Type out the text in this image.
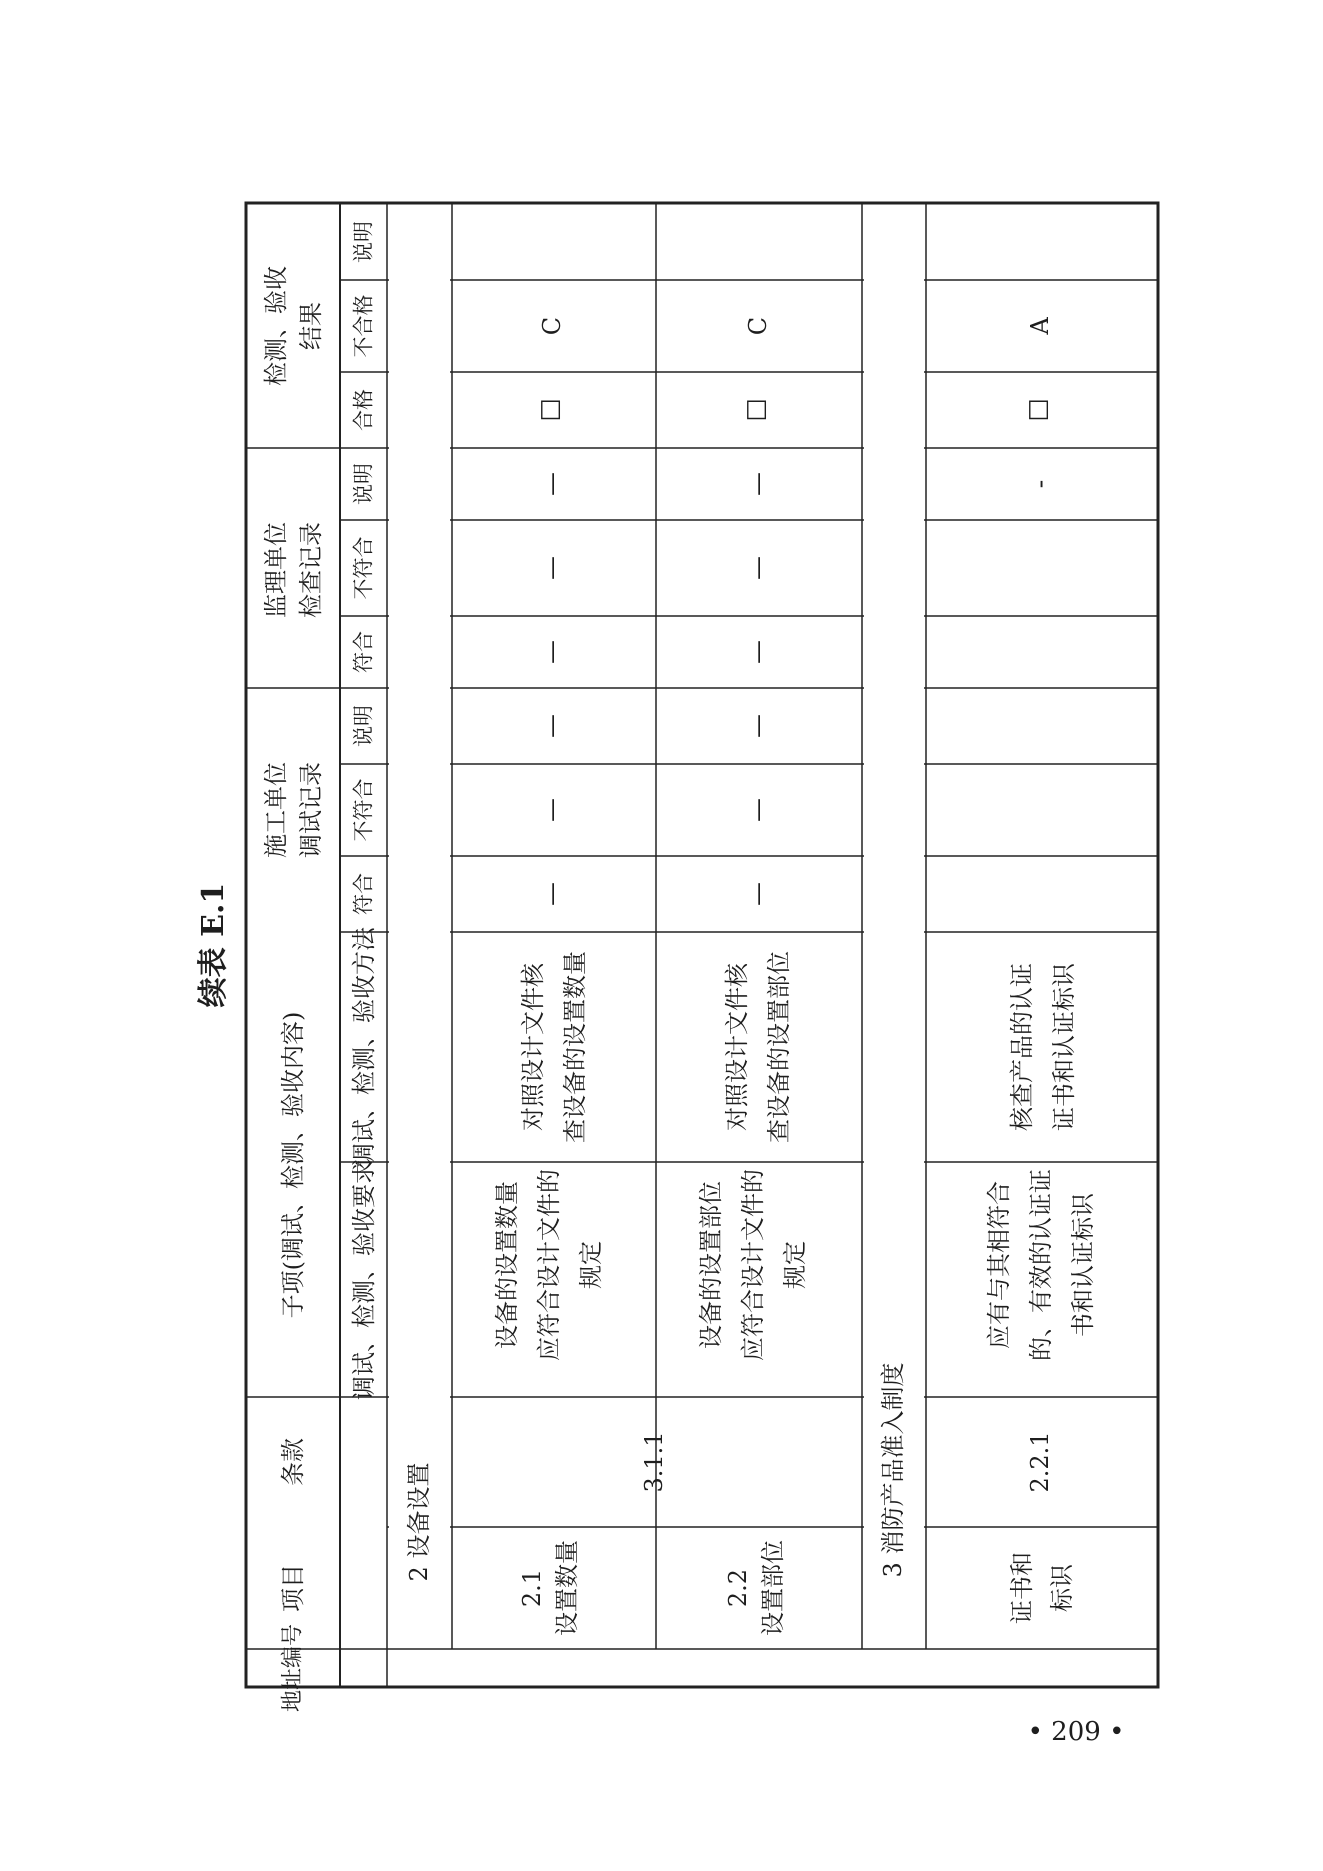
续表 E.1
地址编号
项目
条款
子项(调试、检测、验收内容) 调试、检测、验收要求
调试、检测、验收方法
施工单位 调试记录
监理单位 检查记录
检测、验收 结果
符合
不符合
说明
符合
不符合
说明
合格
不合格
说明
2 设备设置	3 消防产品准入制度
2.1 设置数量
3.1.1
设备的设置数量 应符合设计文件的 规定
对照设计文件核 查设备的设置数量
—
—
—
—
—
—
☐
C
2.2 设置部位
设备的设置部位 应符合设计文件的 规定
对照设计文件核 查设备的设置部位
—
—
—
—
—
—
☐
C
证书和 标识
2.2.1
应有与其相符合 的、有效的认证证 书和认证标识
核查产品的认证 证书和认证标识
-
☐
A
• 209 •
